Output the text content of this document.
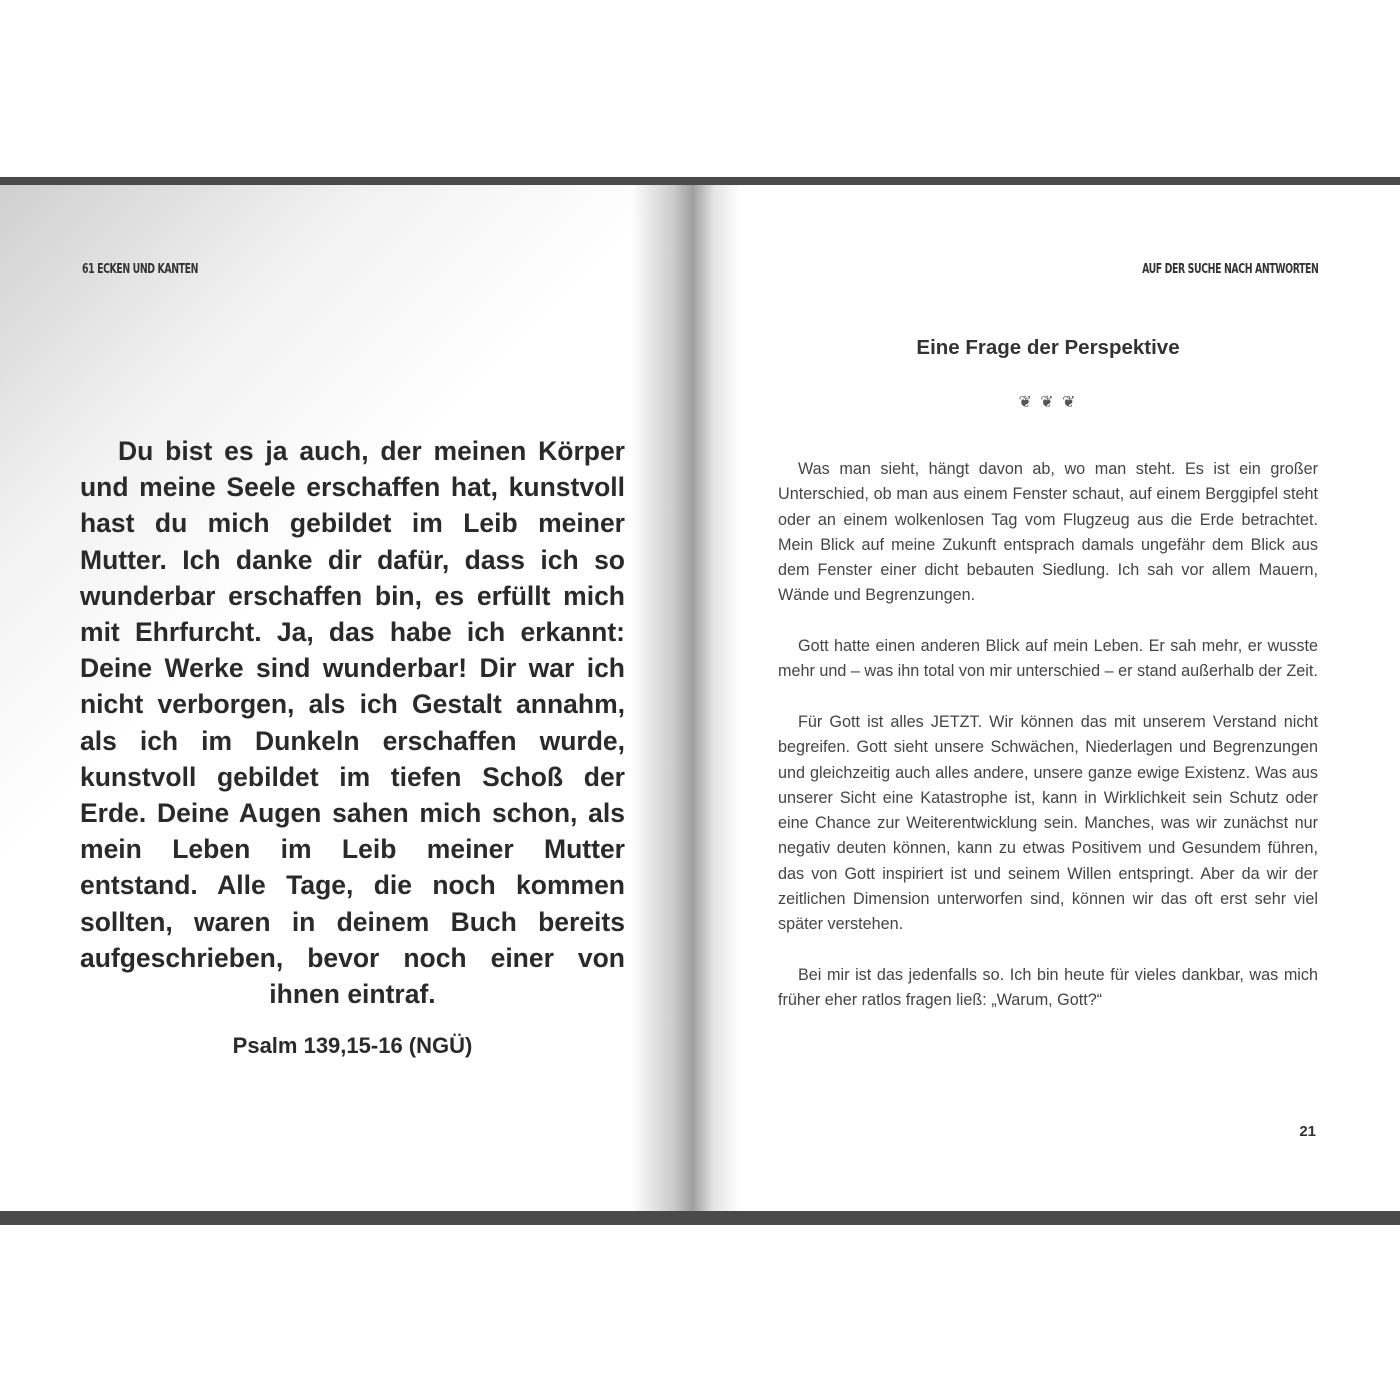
61 ECKEN UND KANTEN
Du bist es ja auch, der meinen Körper und meine Seele erschaffen hat, kunstvoll hast du mich gebildet im Leib meiner Mutter. Ich danke dir dafür, dass ich so wunderbar erschaffen bin, es erfüllt mich mit Ehrfurcht. Ja, das habe ich erkannt: Deine Werke sind wunderbar! Dir war ich nicht verborgen, als ich Gestalt annahm, als ich im Dunkeln erschaffen wurde, kunstvoll gebildet im tiefen Schoß der Erde. Deine Augen sahen mich schon, als mein Leben im Leib meiner Mutter entstand. Alle Tage, die noch kommen sollten, waren in deinem Buch bereits aufgeschrieben, bevor noch einer von ihnen eintraf.
Psalm 139,15-16 (NGÜ)
AUF DER SUCHE NACH ANTWORTEN
Eine Frage der Perspektive
❦ ❦ ❦

Was man sieht, hängt davon ab, wo man steht. Es ist ein großer Unterschied, ob man aus einem Fenster schaut, auf einem Berggipfel steht oder an einem wolkenlosen Tag vom Flugzeug aus die Erde betrachtet. Mein Blick auf meine Zukunft entsprach damals ungefähr dem Blick aus dem Fenster einer dicht bebauten Siedlung. Ich sah vor allem Mauern, Wände und Begrenzungen.

Gott hatte einen anderen Blick auf mein Leben. Er sah mehr, er wusste mehr und – was ihn total von mir unterschied – er stand außerhalb der Zeit.

Für Gott ist alles JETZT. Wir können das mit unserem Verstand nicht begreifen. Gott sieht unsere Schwächen, Niederlagen und Begrenzungen und gleichzeitig auch alles andere, unsere ganze ewige Existenz. Was aus unserer Sicht eine Katastrophe ist, kann in Wirklichkeit sein Schutz oder eine Chance zur Weiterentwicklung sein. Manches, was wir zunächst nur negativ deuten können, kann zu etwas Positivem und Gesundem führen, das von Gott inspiriert ist und seinem Willen entspringt. Aber da wir der zeitlichen Dimension unterworfen sind, können wir das oft erst sehr viel später verstehen.

Bei mir ist das jedenfalls so. Ich bin heute für vieles dankbar, was mich früher eher ratlos fragen ließ: „Warum, Gott?“

21
